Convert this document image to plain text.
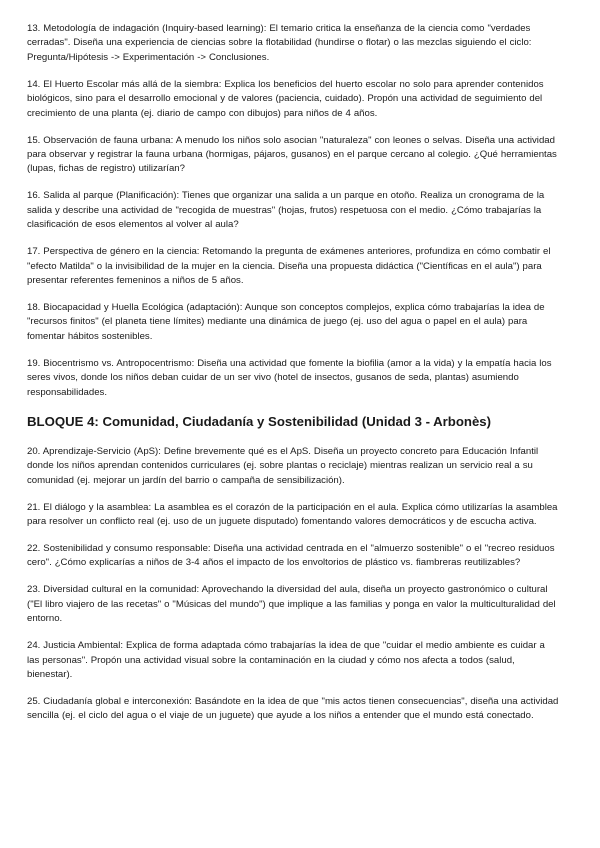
13. Metodología de indagación (Inquiry-based learning): El temario critica la enseñanza de la ciencia como "verdades cerradas". Diseña una experiencia de ciencias sobre la flotabilidad (hundirse o flotar) o las mezclas siguiendo el ciclo: Pregunta/Hipótesis -> Experimentación -> Conclusiones.

14. El Huerto Escolar más allá de la siembra: Explica los beneficios del huerto escolar no solo para aprender contenidos biológicos, sino para el desarrollo emocional y de valores (paciencia, cuidado). Propón una actividad de seguimiento del crecimiento de una planta (ej. diario de campo con dibujos) para niños de 4 años.

15. Observación de fauna urbana: A menudo los niños solo asocian "naturaleza" con leones o selvas. Diseña una actividad para observar y registrar la fauna urbana (hormigas, pájaros, gusanos) en el parque cercano al colegio. ¿Qué herramientas (lupas, fichas de registro) utilizarían?

16. Salida al parque (Planificación): Tienes que organizar una salida a un parque en otoño. Realiza un cronograma de la salida y describe una actividad de "recogida de muestras" (hojas, frutos) respetuosa con el medio. ¿Cómo trabajarías la clasificación de esos elementos al volver al aula?

17. Perspectiva de género en la ciencia: Retomando la pregunta de exámenes anteriores, profundiza en cómo combatir el "efecto Matilda" o la invisibilidad de la mujer en la ciencia. Diseña una propuesta didáctica ("Científicas en el aula") para presentar referentes femeninos a niños de 5 años.

18. Biocapacidad y Huella Ecológica (adaptación): Aunque son conceptos complejos, explica cómo trabajarías la idea de "recursos finitos" (el planeta tiene límites) mediante una dinámica de juego (ej. uso del agua o papel en el aula) para fomentar hábitos sostenibles.

19. Biocentrismo vs. Antropocentrismo: Diseña una actividad que fomente la biofilia (amor a la vida) y la empatía hacia los seres vivos, donde los niños deban cuidar de un ser vivo (hotel de insectos, gusanos de seda, plantas) asumiendo responsabilidades.

BLOQUE 4: Comunidad, Ciudadanía y Sostenibilidad (Unidad 3 - Arbonès)

20. Aprendizaje-Servicio (ApS): Define brevemente qué es el ApS. Diseña un proyecto concreto para Educación Infantil donde los niños aprendan contenidos curriculares (ej. sobre plantas o reciclaje) mientras realizan un servicio real a su comunidad (ej. mejorar un jardín del barrio o campaña de sensibilización).

21. El diálogo y la asamblea: La asamblea es el corazón de la participación en el aula. Explica cómo utilizarías la asamblea para resolver un conflicto real (ej. uso de un juguete disputado) fomentando valores democráticos y de escucha activa.

22. Sostenibilidad y consumo responsable: Diseña una actividad centrada en el "almuerzo sostenible" o el "recreo residuos cero". ¿Cómo explicarías a niños de 3-4 años el impacto de los envoltorios de plástico vs. fiambreras reutilizables?

23. Diversidad cultural en la comunidad: Aprovechando la diversidad del aula, diseña un proyecto gastronómico o cultural ("El libro viajero de las recetas" o "Músicas del mundo") que implique a las familias y ponga en valor la multiculturalidad del entorno.

24. Justicia Ambiental: Explica de forma adaptada cómo trabajarías la idea de que "cuidar el medio ambiente es cuidar a las personas". Propón una actividad visual sobre la contaminación en la ciudad y cómo nos afecta a todos (salud, bienestar).

25. Ciudadanía global e interconexión: Basándote en la idea de que "mis actos tienen consecuencias", diseña una actividad sencilla (ej. el ciclo del agua o el viaje de un juguete) que ayude a los niños a entender que el mundo está conectado.
